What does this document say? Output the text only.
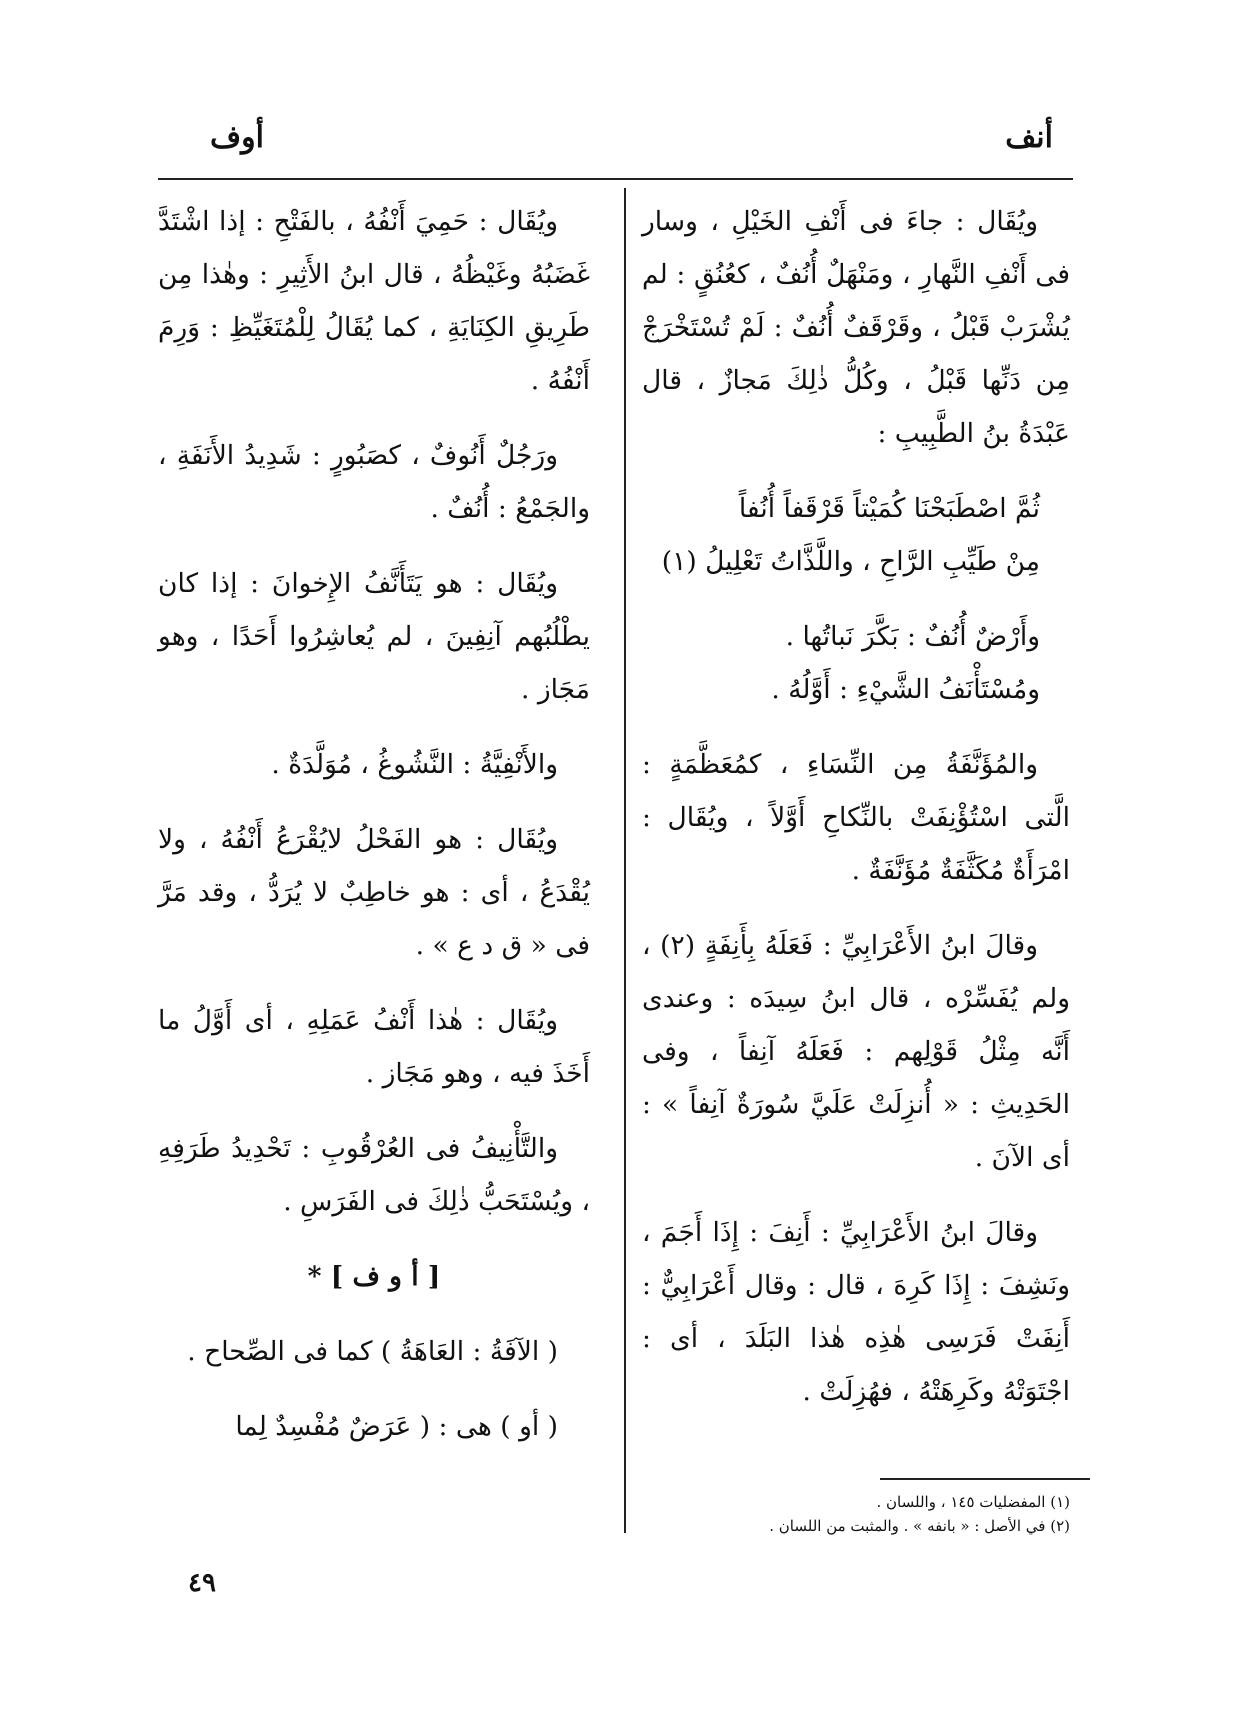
أنف
أوف

ويُقَال : جاءَ فى أَنْفِ الخَيْلِ ، وسار فى أَنْفِ النَّهارِ ، ومَنْهَلٌ أُنُفٌ ، كعُنُقٍ : لم يُشْرَبْ قَبْلُ ، وقَرْقَفٌ أُنُفٌ : لَمْ تُسْتَخْرَجْ مِن دَنِّها قَبْلُ ، وكُلُّ ذٰلِكَ مَجازٌ ، قال عَبْدَةُ بنُ الطَّبِيبِ :

ثُمَّ اصْطَبَحْنَا كُمَيْتاً قَرْقَفاً أُنُفاً

مِنْ طَيِّبِ الرَّاحِ ، واللَّذَّاتُ تَعْلِيلُ (١)

وأَرْضٌ أُنُفٌ : بَكَّرَ نَباتُها .

ومُسْتَأْنَفُ الشَّيْءِ : أَوَّلُهُ .

والمُؤَنَّفَةُ مِن النِّسَاءِ ، كمُعَظَّمَةٍ : الَّتى اسْتُؤْنِفَتْ بالنِّكاحِ أَوَّلاً ، ويُقَال : امْرَأَةٌ مُكَثَّفَةٌ مُؤَنَّفَةٌ .

وقالَ ابنُ الأَعْرَابِيِّ : فَعَلَهُ بِأَنِفَةٍ (٢) ، ولم يُفَسِّرْه ، قال ابنُ سِيدَه : وعندى أَنَّه مِثْلُ قَوْلِهم : فَعَلَهُ آنِفاً ، وفى الحَدِيثِ : « أُنزِلَتْ عَلَيَّ سُورَةٌ آنِفاً » : أى الآنَ .

وقالَ ابنُ الأَعْرَابِيِّ : أَنِفَ : إِذَا أَجَمَ ، ونَشِفَ : إِذَا كَرِهَ ، قال : وقال أَعْرَابِيٌّ : أَنِفَتْ فَرَسِى هٰذِه هٰذا البَلَدَ ، أى : اجْتَوَتْهُ وكَرِهَتْهُ ، فهُزِلَتْ .

ويُقَال : حَمِيَ أَنْفُهُ ، بالفَتْحِ : إذا اشْتَدَّ غَضَبُهُ وغَيْظُهُ ، قال ابنُ الأَثِيرِ : وهٰذا مِن طَرِيقِ الكِنَايَةِ ، كما يُقَالُ لِلْمُتَغَيِّظِ : وَرِمَ أَنْفُهُ .

ورَجُلٌ أَنُوفٌ ، كصَبُورٍ : شَدِيدُ الأَنَفَةِ ، والجَمْعُ : أُنُفٌ .

ويُقَال : هو يَتَأَنَّفُ الإِخوانَ : إذا كان يطْلُبُهم آنِفِينَ ، لم يُعاشِرُوا أَحَدًا ، وهو مَجَاز .

والأَنْفِيَّةُ : النَّشُوغُ ، مُوَلَّدَةٌ .

ويُقَال : هو الفَحْلُ لايُقْرَعُ أَنْفُهُ ، ولا يُقْدَعُ ، أى : هو خاطِبٌ لا يُرَدُّ ، وقد مَرَّ فى « ق د ع » .

ويُقَال : هٰذا أَنْفُ عَمَلِهِ ، أى أَوَّلُ ما أَخَذَ فيه ، وهو مَجَاز .

والتَّأْنِيفُ فى العُرْقُوبِ : تَحْدِيدُ طَرَفِهِ ، ويُسْتَحَبُّ ذٰلِكَ فى الفَرَسِ .

[ أ و ف ] *

( الآفَةُ : العَاهَةُ ) كما فى الصِّحاح .

( أو ) هى : ( عَرَضٌ مُفْسِدٌ لِما

(١) المفضليات ١٤٥ ، واللسان .

(٢) في الأصل : « بانفه » . والمثبت من اللسان .

٤٩
